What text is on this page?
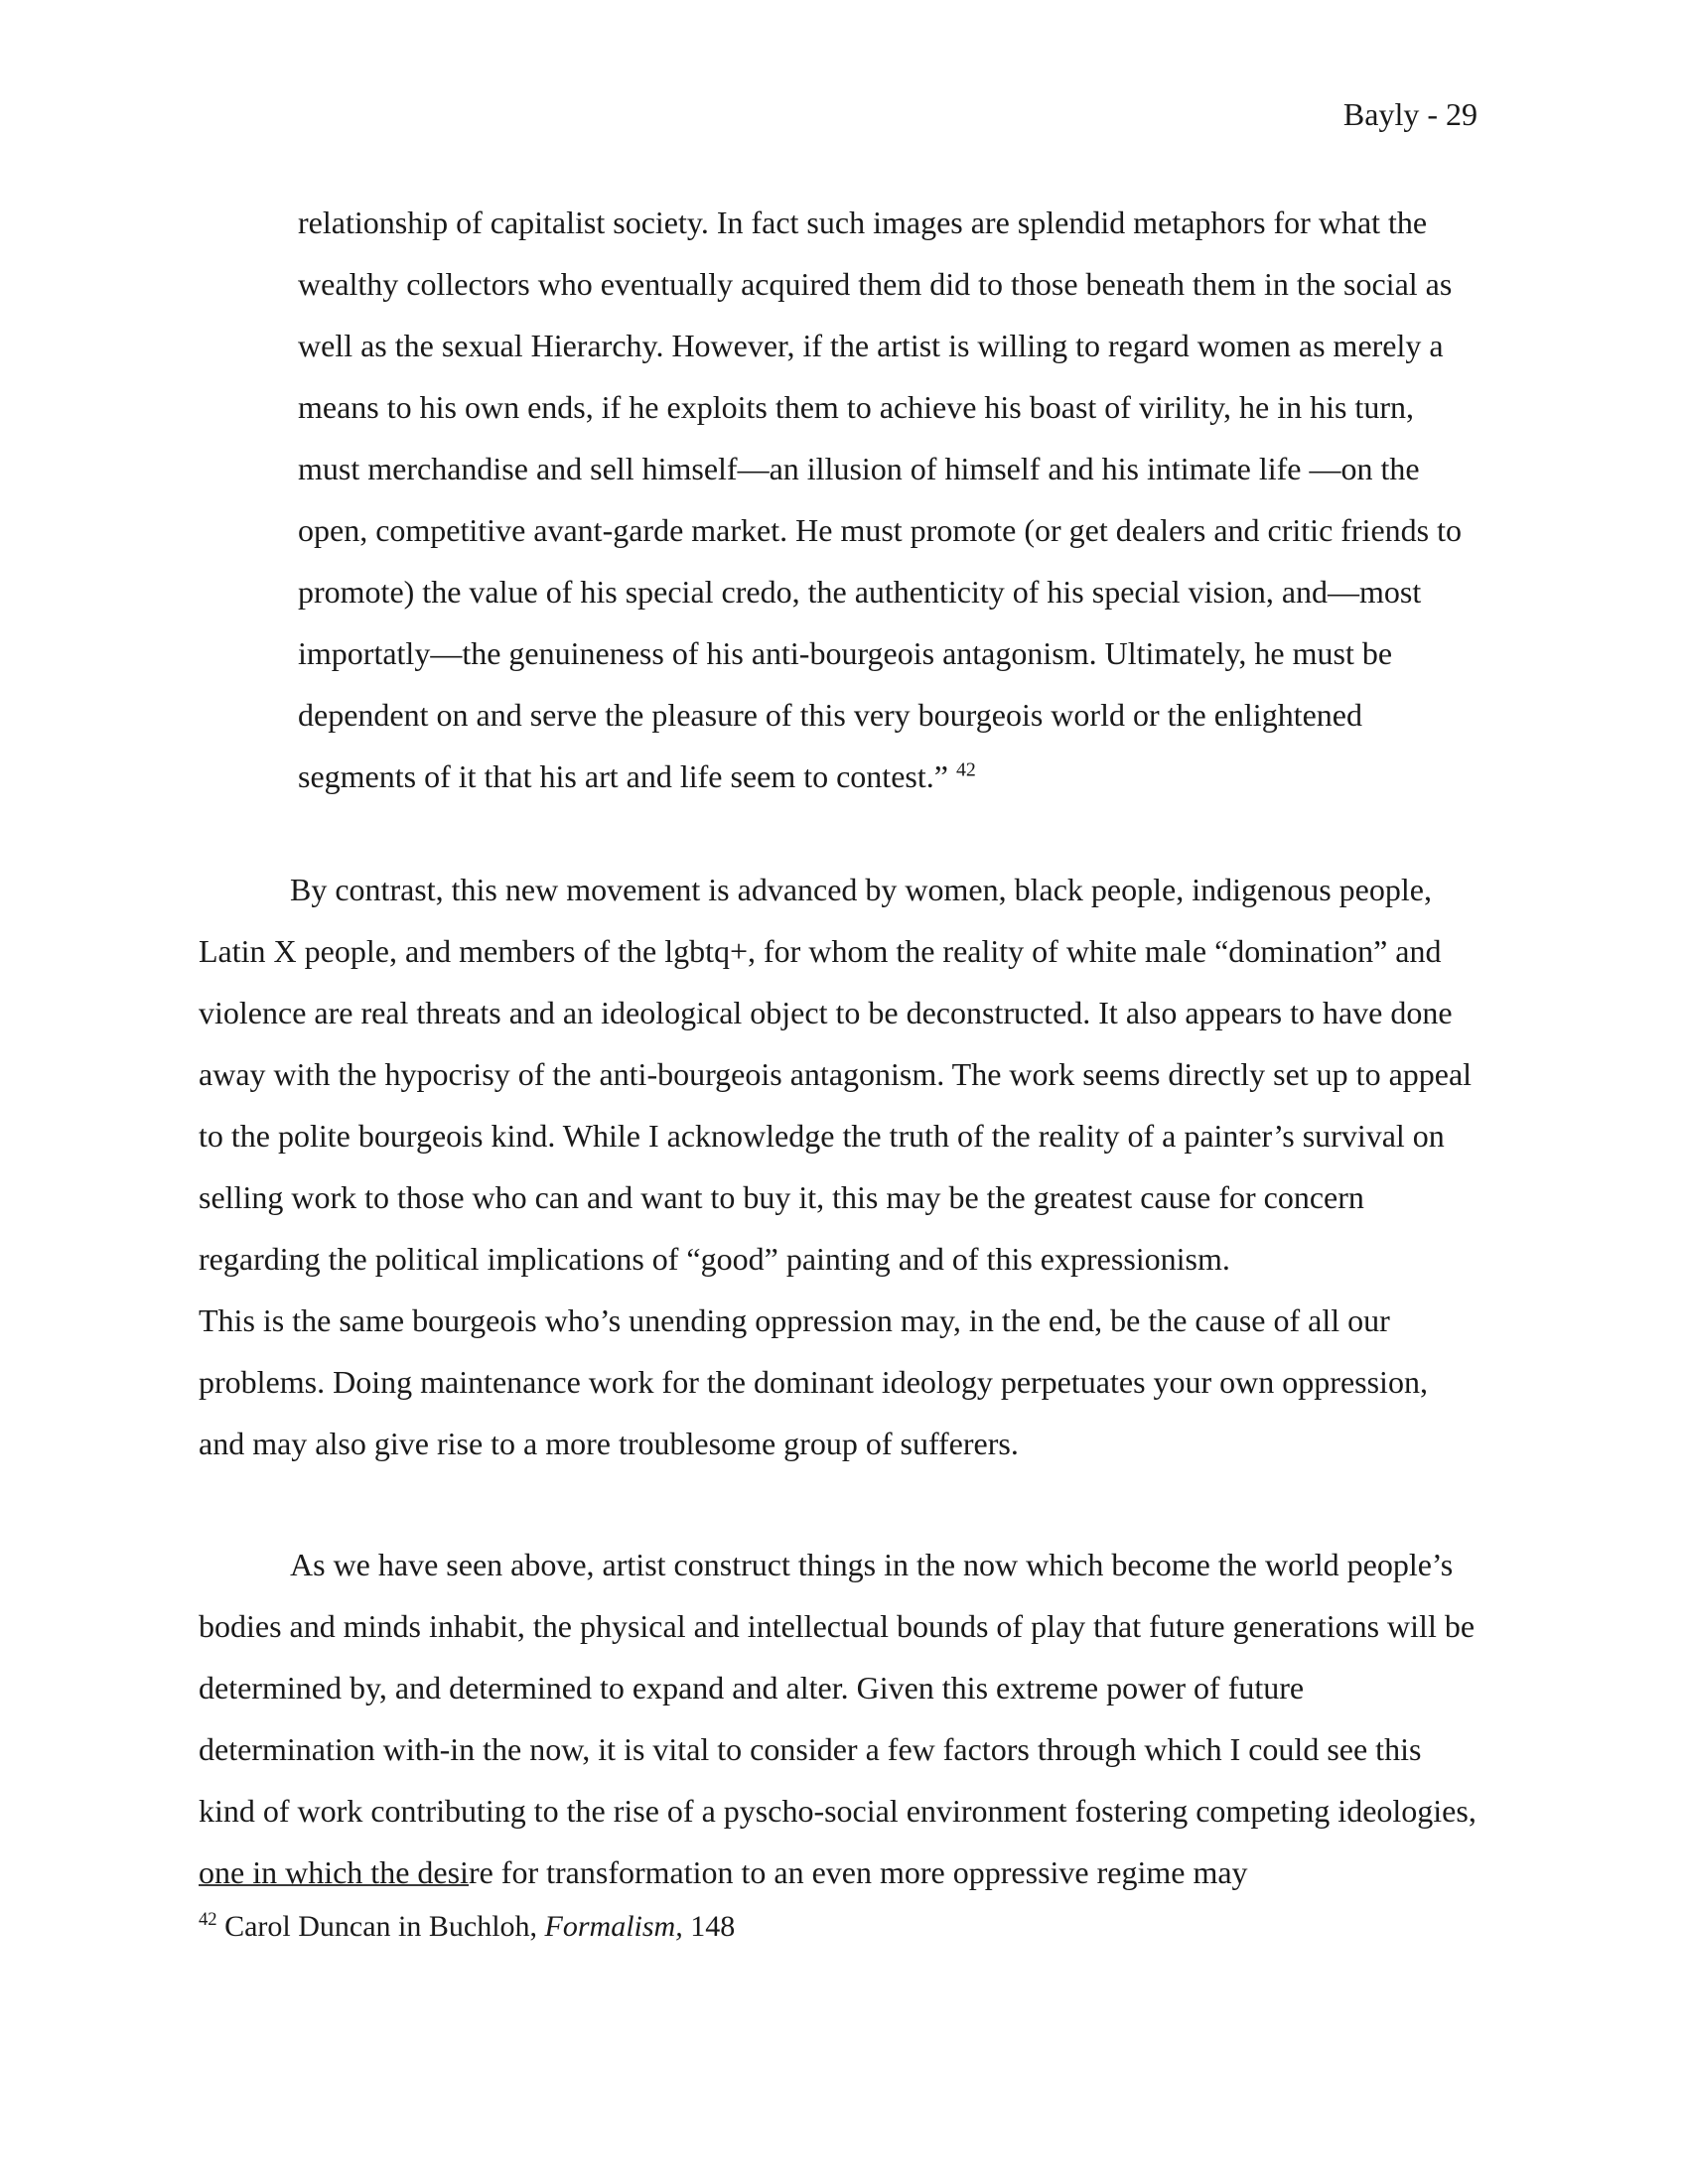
Bayly - 29
relationship of capitalist society. In fact such images are splendid metaphors for what the wealthy collectors who eventually acquired them did to those beneath them in the social as well as the sexual Hierarchy. However, if the artist is willing to regard women as merely a means to his own ends, if he exploits them to achieve his boast of virility, he in his turn, must merchandise and sell himself—an illusion of himself and his intimate life —on the open, competitive avant-garde market. He must promote (or get dealers and critic friends to promote) the value of his special credo, the authenticity of his special vision, and—most importatly—the genuineness of his anti-bourgeois antagonism. Ultimately, he must be dependent on and serve the pleasure of this very bourgeois world or the enlightened segments of it that his art and life seem to contest.” $^{42}$

By contrast, this new movement is advanced by women, black people, indigenous people, Latin X people, and members of the lgbtq+, for whom the reality of white male “domination” and violence are real threats and an ideological object to be deconstructed. It also appears to have done away with the hypocrisy of the anti-bourgeois antagonism. The work seems directly set up to appeal to the polite bourgeois kind. While I acknowledge the truth of the reality of a painter’s survival on selling work to those who can and want to buy it, this may be the greatest cause for concern regarding the political implications of “good” painting and of this expressionism.

This is the same bourgeois who’s unending oppression may, in the end, be the cause of all our problems. Doing maintenance work for the dominant ideology perpetuates your own oppression, and may also give rise to a more troublesome group of sufferers.

As we have seen above, artist construct things in the now which become the world people’s bodies and minds inhabit, the physical and intellectual bounds of play that future generations will be determined by, and determined to expand and alter. Given this extreme power of future determination with-in the now, it is vital to consider a few factors through which I could see this kind of work contributing to the rise of a pyscho-social environment fostering competing ideologies, one in which the desire for transformation to an even more oppressive regime may

$^{42}$ Carol Duncan in Buchloh, Formalism, 148
